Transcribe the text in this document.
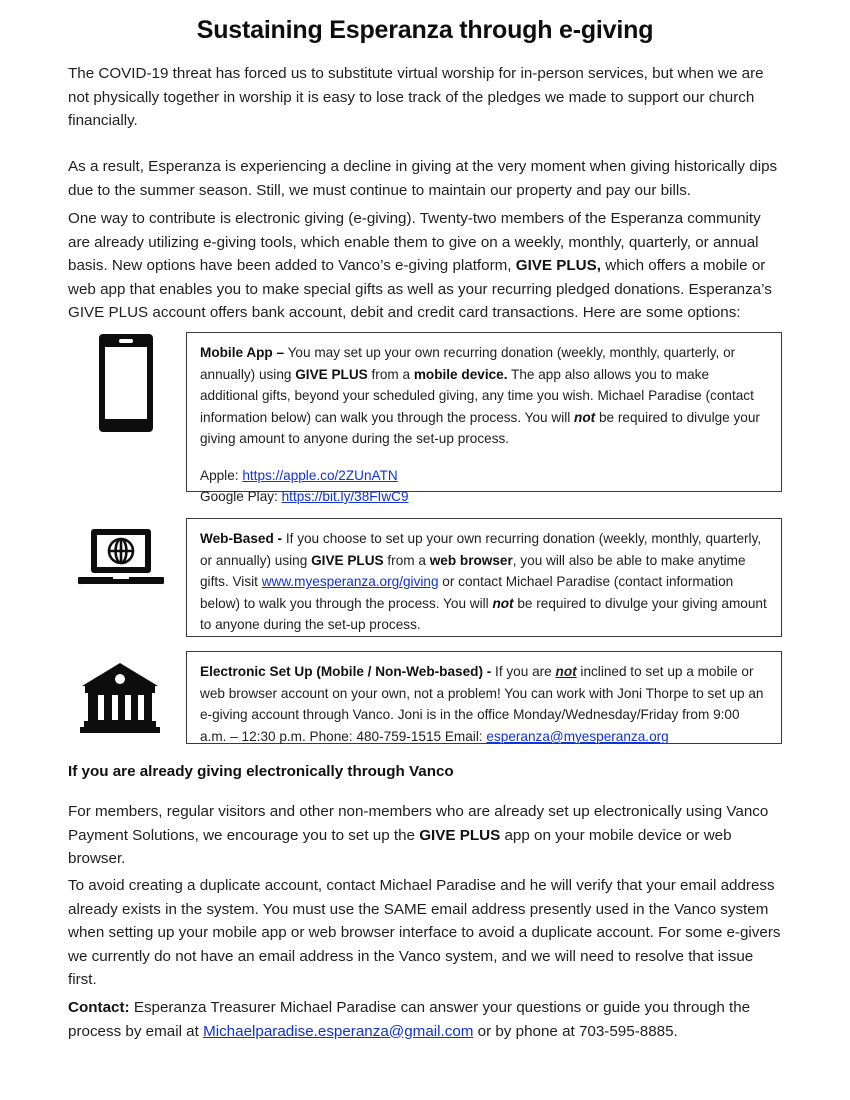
Sustaining Esperanza through e-giving
The COVID-19 threat has forced us to substitute virtual worship for in-person services, but when we are not physically together in worship it is easy to lose track of the pledges we made to support our church financially.
As a result, Esperanza is experiencing a decline in giving at the very moment when giving historically dips due to the summer season. Still, we must continue to maintain our property and pay our bills.
One way to contribute is electronic giving (e-giving). Twenty-two members of the Esperanza community are already utilizing e-giving tools, which enable them to give on a weekly, monthly, quarterly, or annual basis. New options have been added to Vanco’s e-giving platform, GIVE PLUS, which offers a mobile or web app that enables you to make special gifts as well as your recurring pledged donations. Esperanza’s GIVE PLUS account offers bank account, debit and credit card transactions. Here are some options:

Mobile App – You may set up your own recurring donation (weekly, monthly, quarterly, or annually) using GIVE PLUS from a mobile device. The app also allows you to make additional gifts, beyond your scheduled giving, any time you wish. Michael Paradise (contact information below) can walk you through the process. You will not be required to divulge your giving amount to anyone during the set-up process.

Apple: https://apple.co/2ZUnATN
Google Play: https://bit.ly/38FIwC9

Web-Based - If you choose to set up your own recurring donation (weekly, monthly, quarterly, or annually) using GIVE PLUS from a web browser, you will also be able to make anytime gifts. Visit www.myesperanza.org/giving or contact Michael Paradise (contact information below) to walk you through the process. You will not be required to divulge your giving amount to anyone during the set-up process.

Electronic Set Up (Mobile / Non-Web-based) - If you are not inclined to set up a mobile or web browser account on your own, not a problem! You can work with Joni Thorpe to set up an e-giving account through Vanco. Joni is in the office Monday/Wednesday/Friday from 9:00 a.m. – 12:30 p.m. Phone: 480-759-1515 Email: esperanza@myesperanza.org

If you are already giving electronically through Vanco
For members, regular visitors and other non-members who are already set up electronically using Vanco Payment Solutions, we encourage you to set up the GIVE PLUS app on your mobile device or web browser.
To avoid creating a duplicate account, contact Michael Paradise and he will verify that your email address already exists in the system. You must use the SAME email address presently used in the Vanco system when setting up your mobile app or web browser interface to avoid a duplicate account. For some e-givers we currently do not have an email address in the Vanco system, and we will need to resolve that issue first.
Contact: Esperanza Treasurer Michael Paradise can answer your questions or guide you through the process by email at Michaelparadise.esperanza@gmail.com or by phone at 703-595-8885.
